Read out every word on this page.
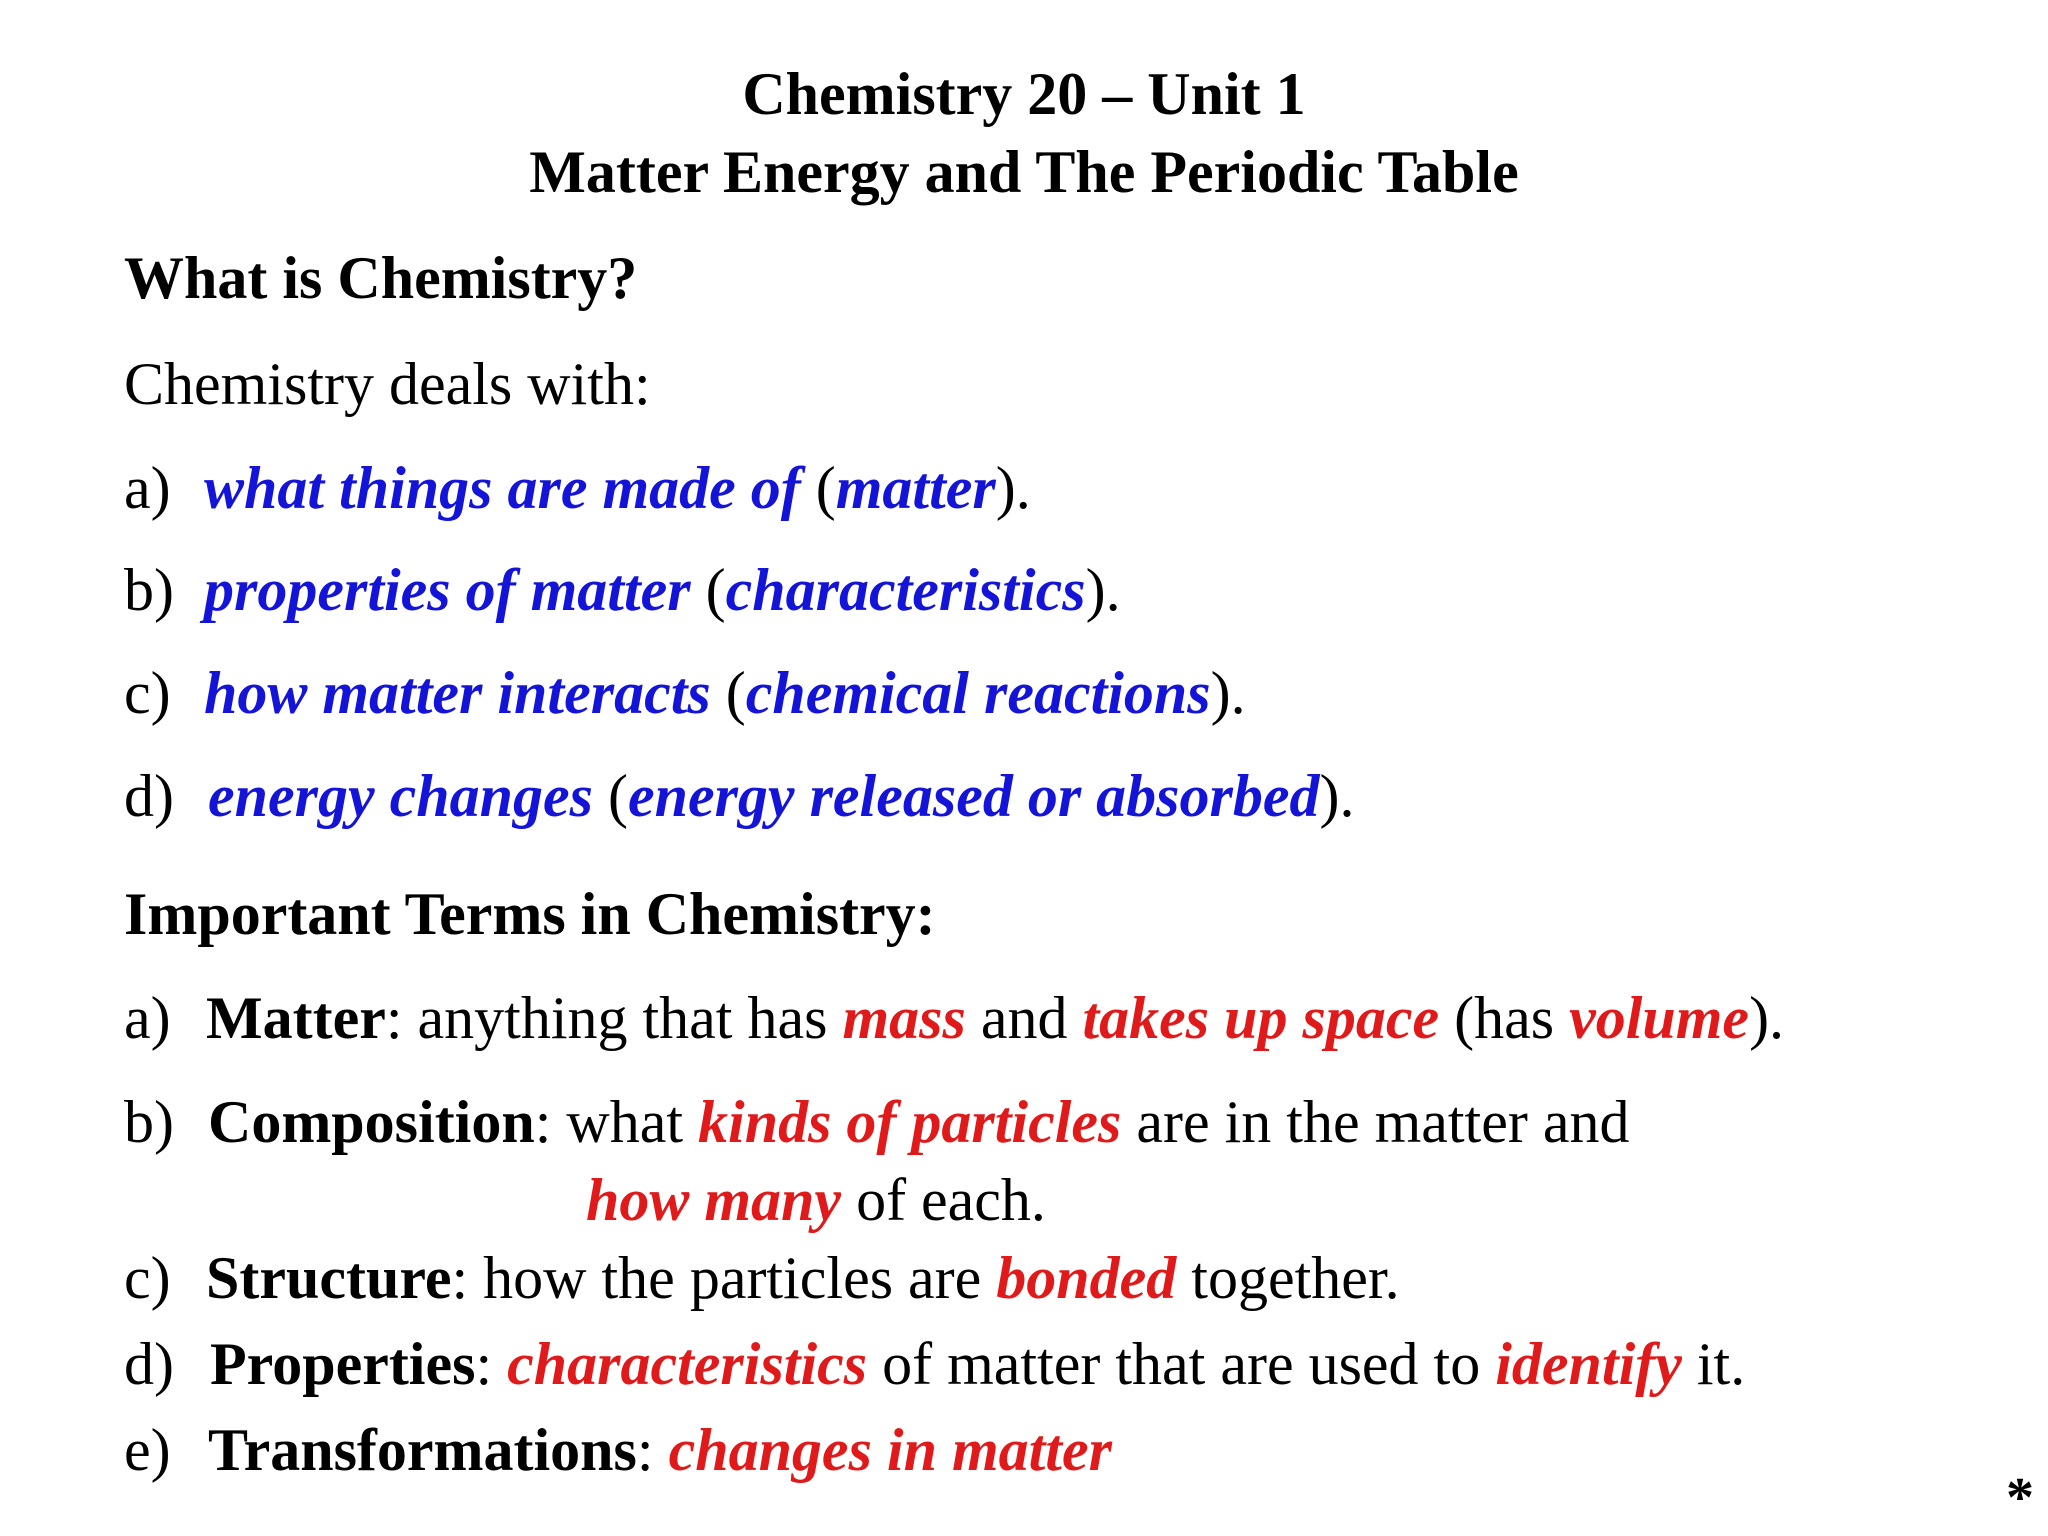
Chemistry 20 – Unit 1
Matter Energy and The Periodic Table
What is Chemistry?
Chemistry deals with:
a) what things are made of (matter).
b) properties of matter (characteristics).
c) how matter interacts (chemical reactions).
d) energy changes (energy released or absorbed).
Important Terms in Chemistry:
a) Matter: anything that has mass and takes up space (has volume).
b) Composition: what kinds of particles are in the matter and
how many of each.
c) Structure: how the particles are bonded together.
d) Properties: characteristics of matter that are used to identify it.
e) Transformations: changes in matter
*
